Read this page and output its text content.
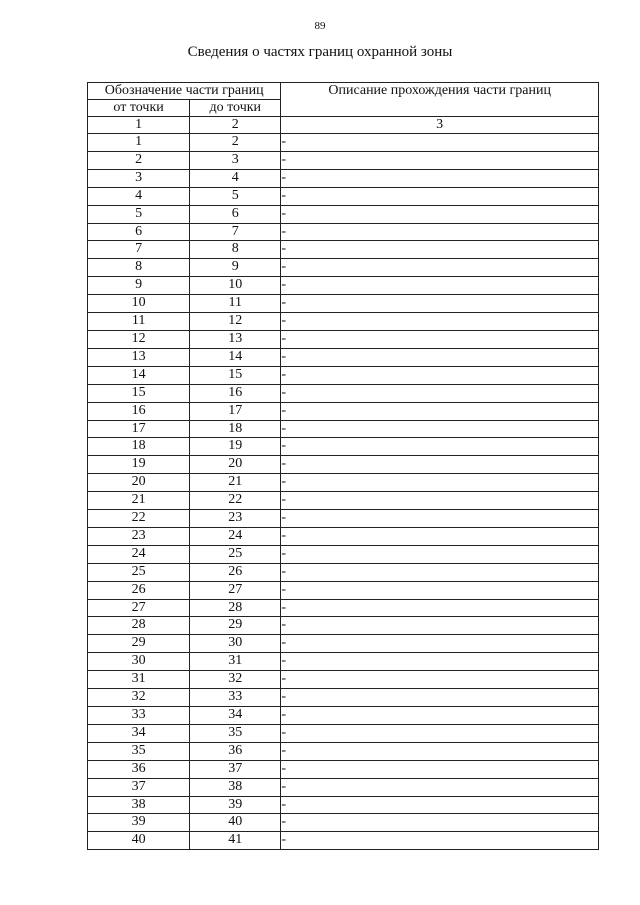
89
Сведения о частях границ охранной зоны
Обозначение части границ		Описание прохождения части границ
от точки	до точки	
1	2	3
1	2	-
2	3	-
3	4	-
4	5	-
5	6	-
6	7	-
7	8	-
8	9	-
9	10	-
10	11	-
11	12	-
12	13	-
13	14	-
14	15	-
15	16	-
16	17	-
17	18	-
18	19	-
19	20	-
20	21	-
21	22	-
22	23	-
23	24	-
24	25	-
25	26	-
26	27	-
27	28	-
28	29	-
29	30	-
30	31	-
31	32	-
32	33	-
33	34	-
34	35	-
35	36	-
36	37	-
37	38	-
38	39	-
39	40	-
40	41	-
